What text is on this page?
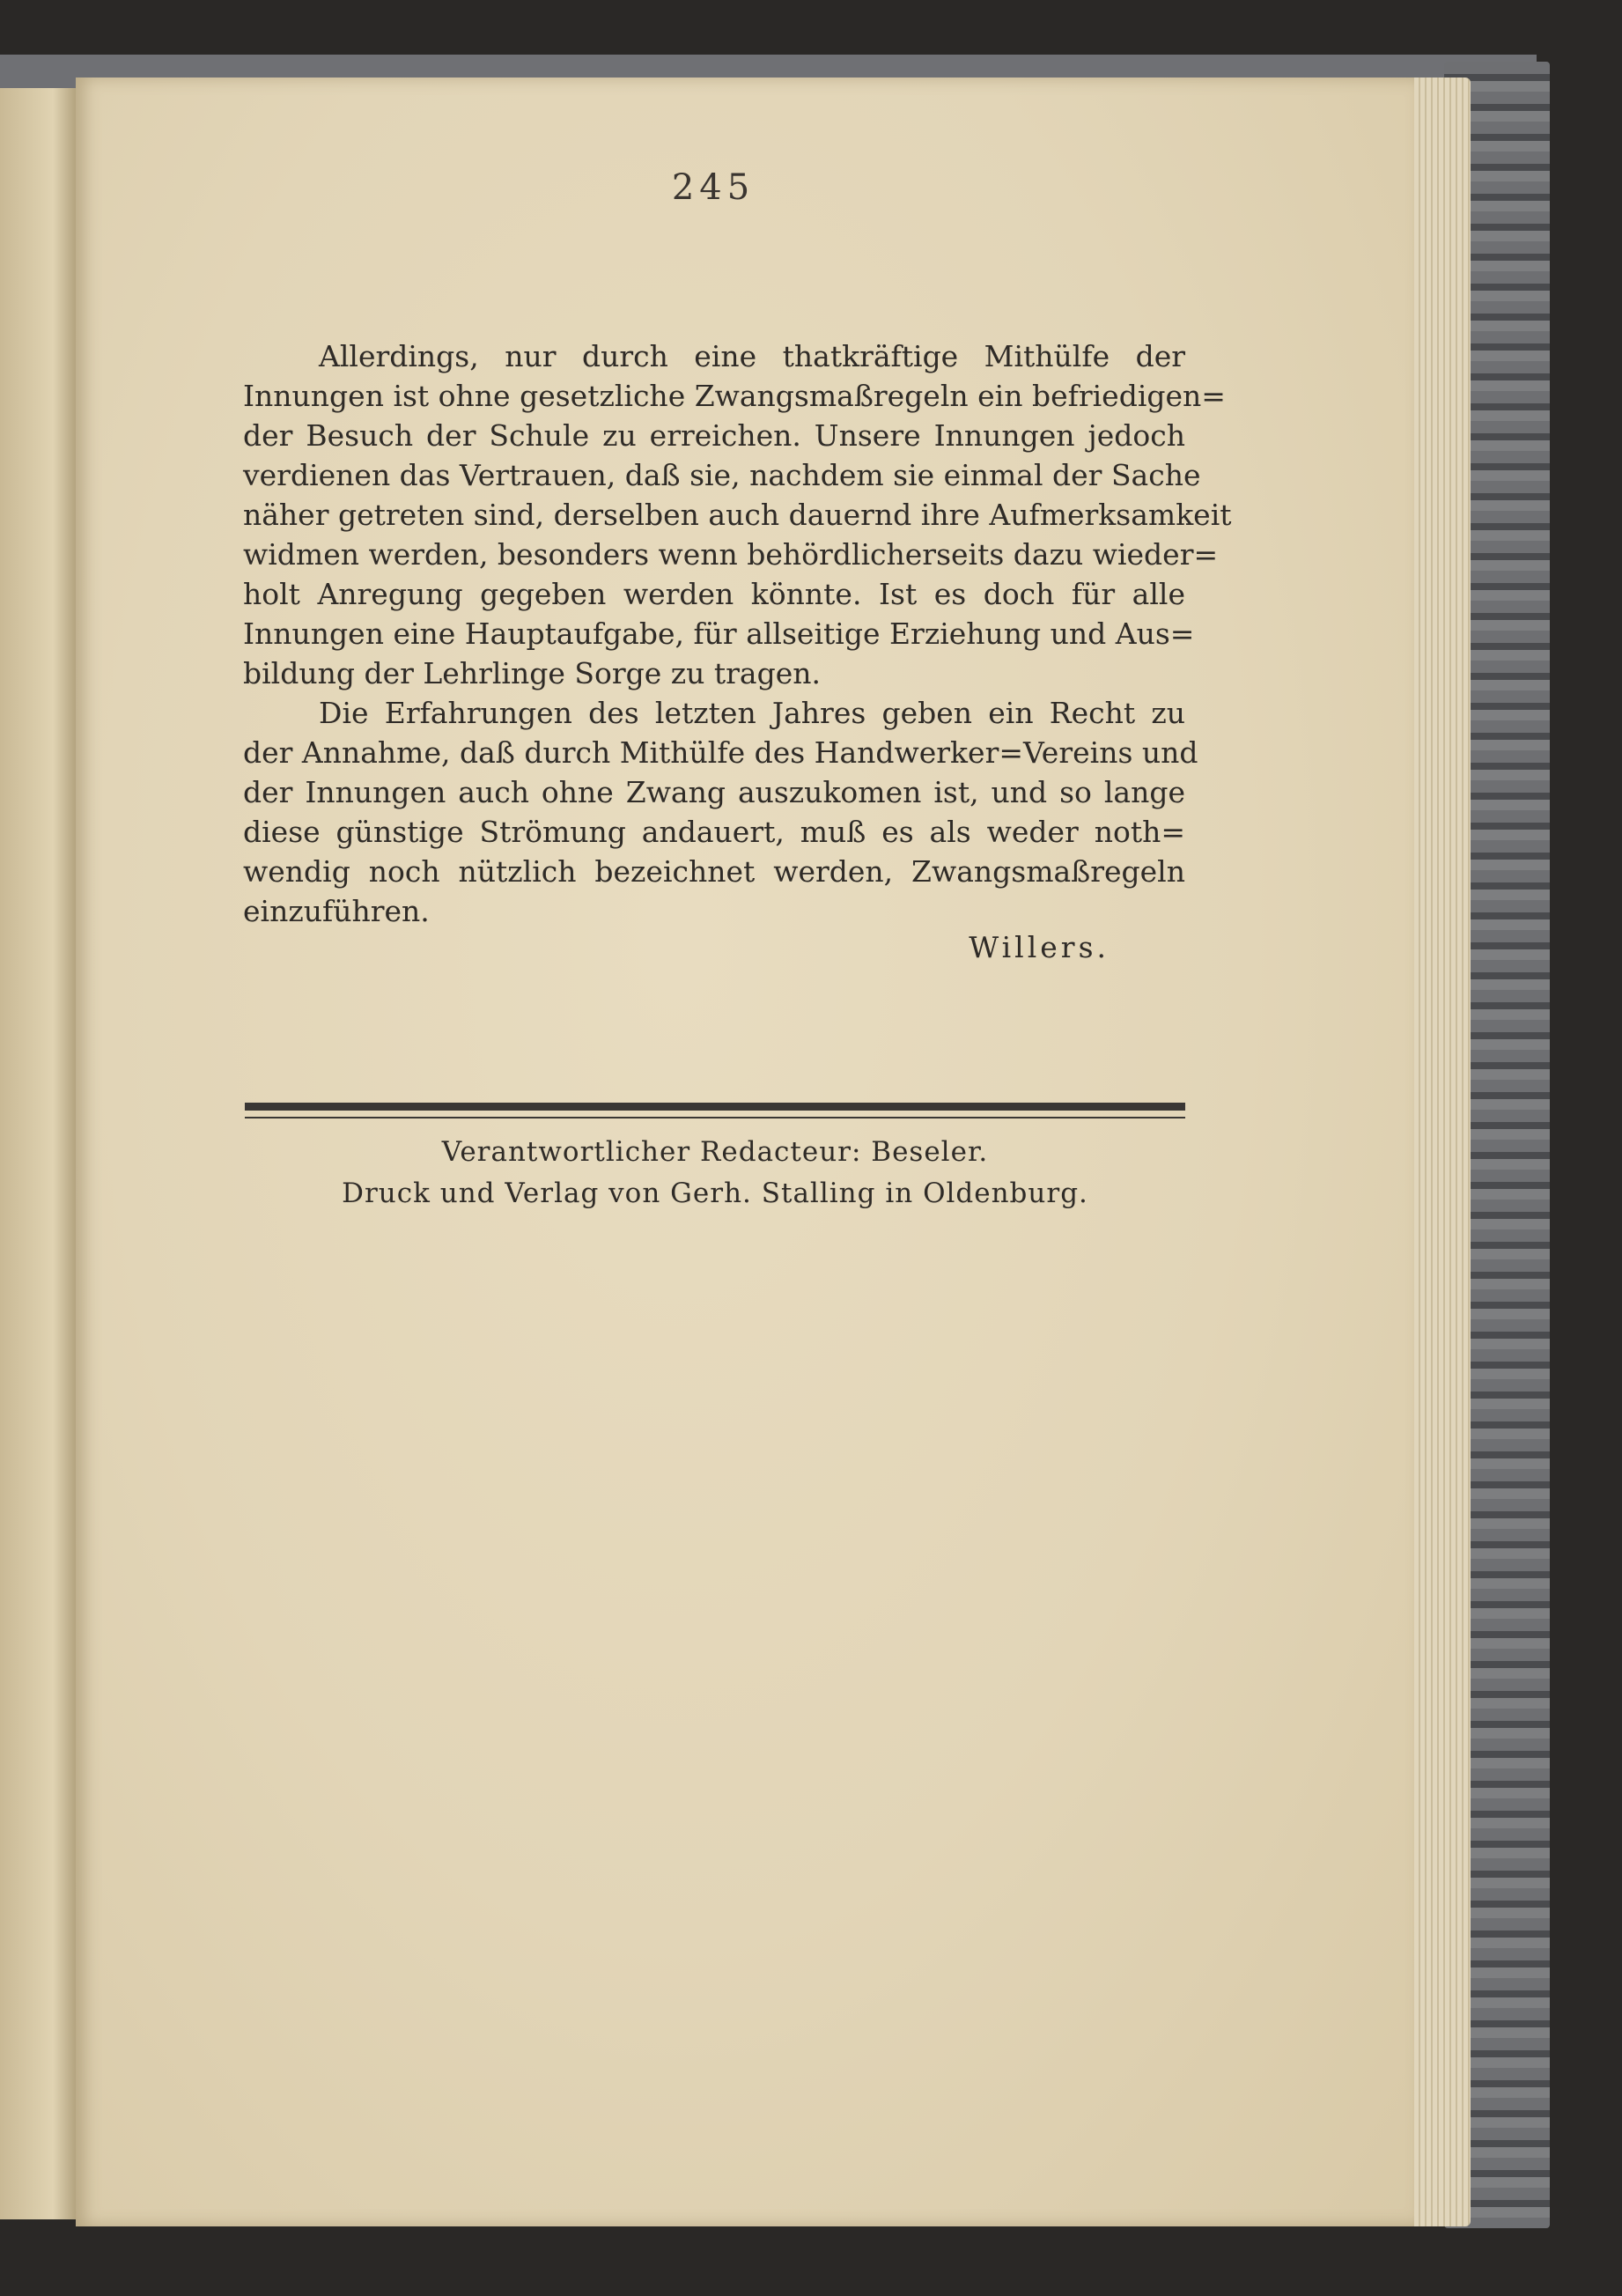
245

Allerdings, nur durch eine thatkräftige Mithülfe der

Innungen ist ohne gesetzliche Zwangsmaßregeln ein befriedigen=

der Besuch der Schule zu erreichen. Unsere Innungen jedoch

verdienen das Vertrauen, daß sie, nachdem sie einmal der Sache

näher getreten sind, derselben auch dauernd ihre Aufmerksamkeit

widmen werden, besonders wenn behördlicherseits dazu wieder=

holt Anregung gegeben werden könnte. Ist es doch für alle

Innungen eine Hauptaufgabe, für allseitige Erziehung und Aus=

bildung der Lehrlinge Sorge zu tragen.

Die Erfahrungen des letzten Jahres geben ein Recht zu

der Annahme, daß durch Mithülfe des Handwerker=Vereins und

der Innungen auch ohne Zwang auszukomen ist, und so lange

diese günstige Strömung andauert, muß es als weder noth=

wendig noch nützlich bezeichnet werden, Zwangsmaßregeln

einzuführen.

Willers.
Verantwortlicher Redacteur: Beseler.
Druck und Verlag von Gerh. Stalling in Oldenburg.
